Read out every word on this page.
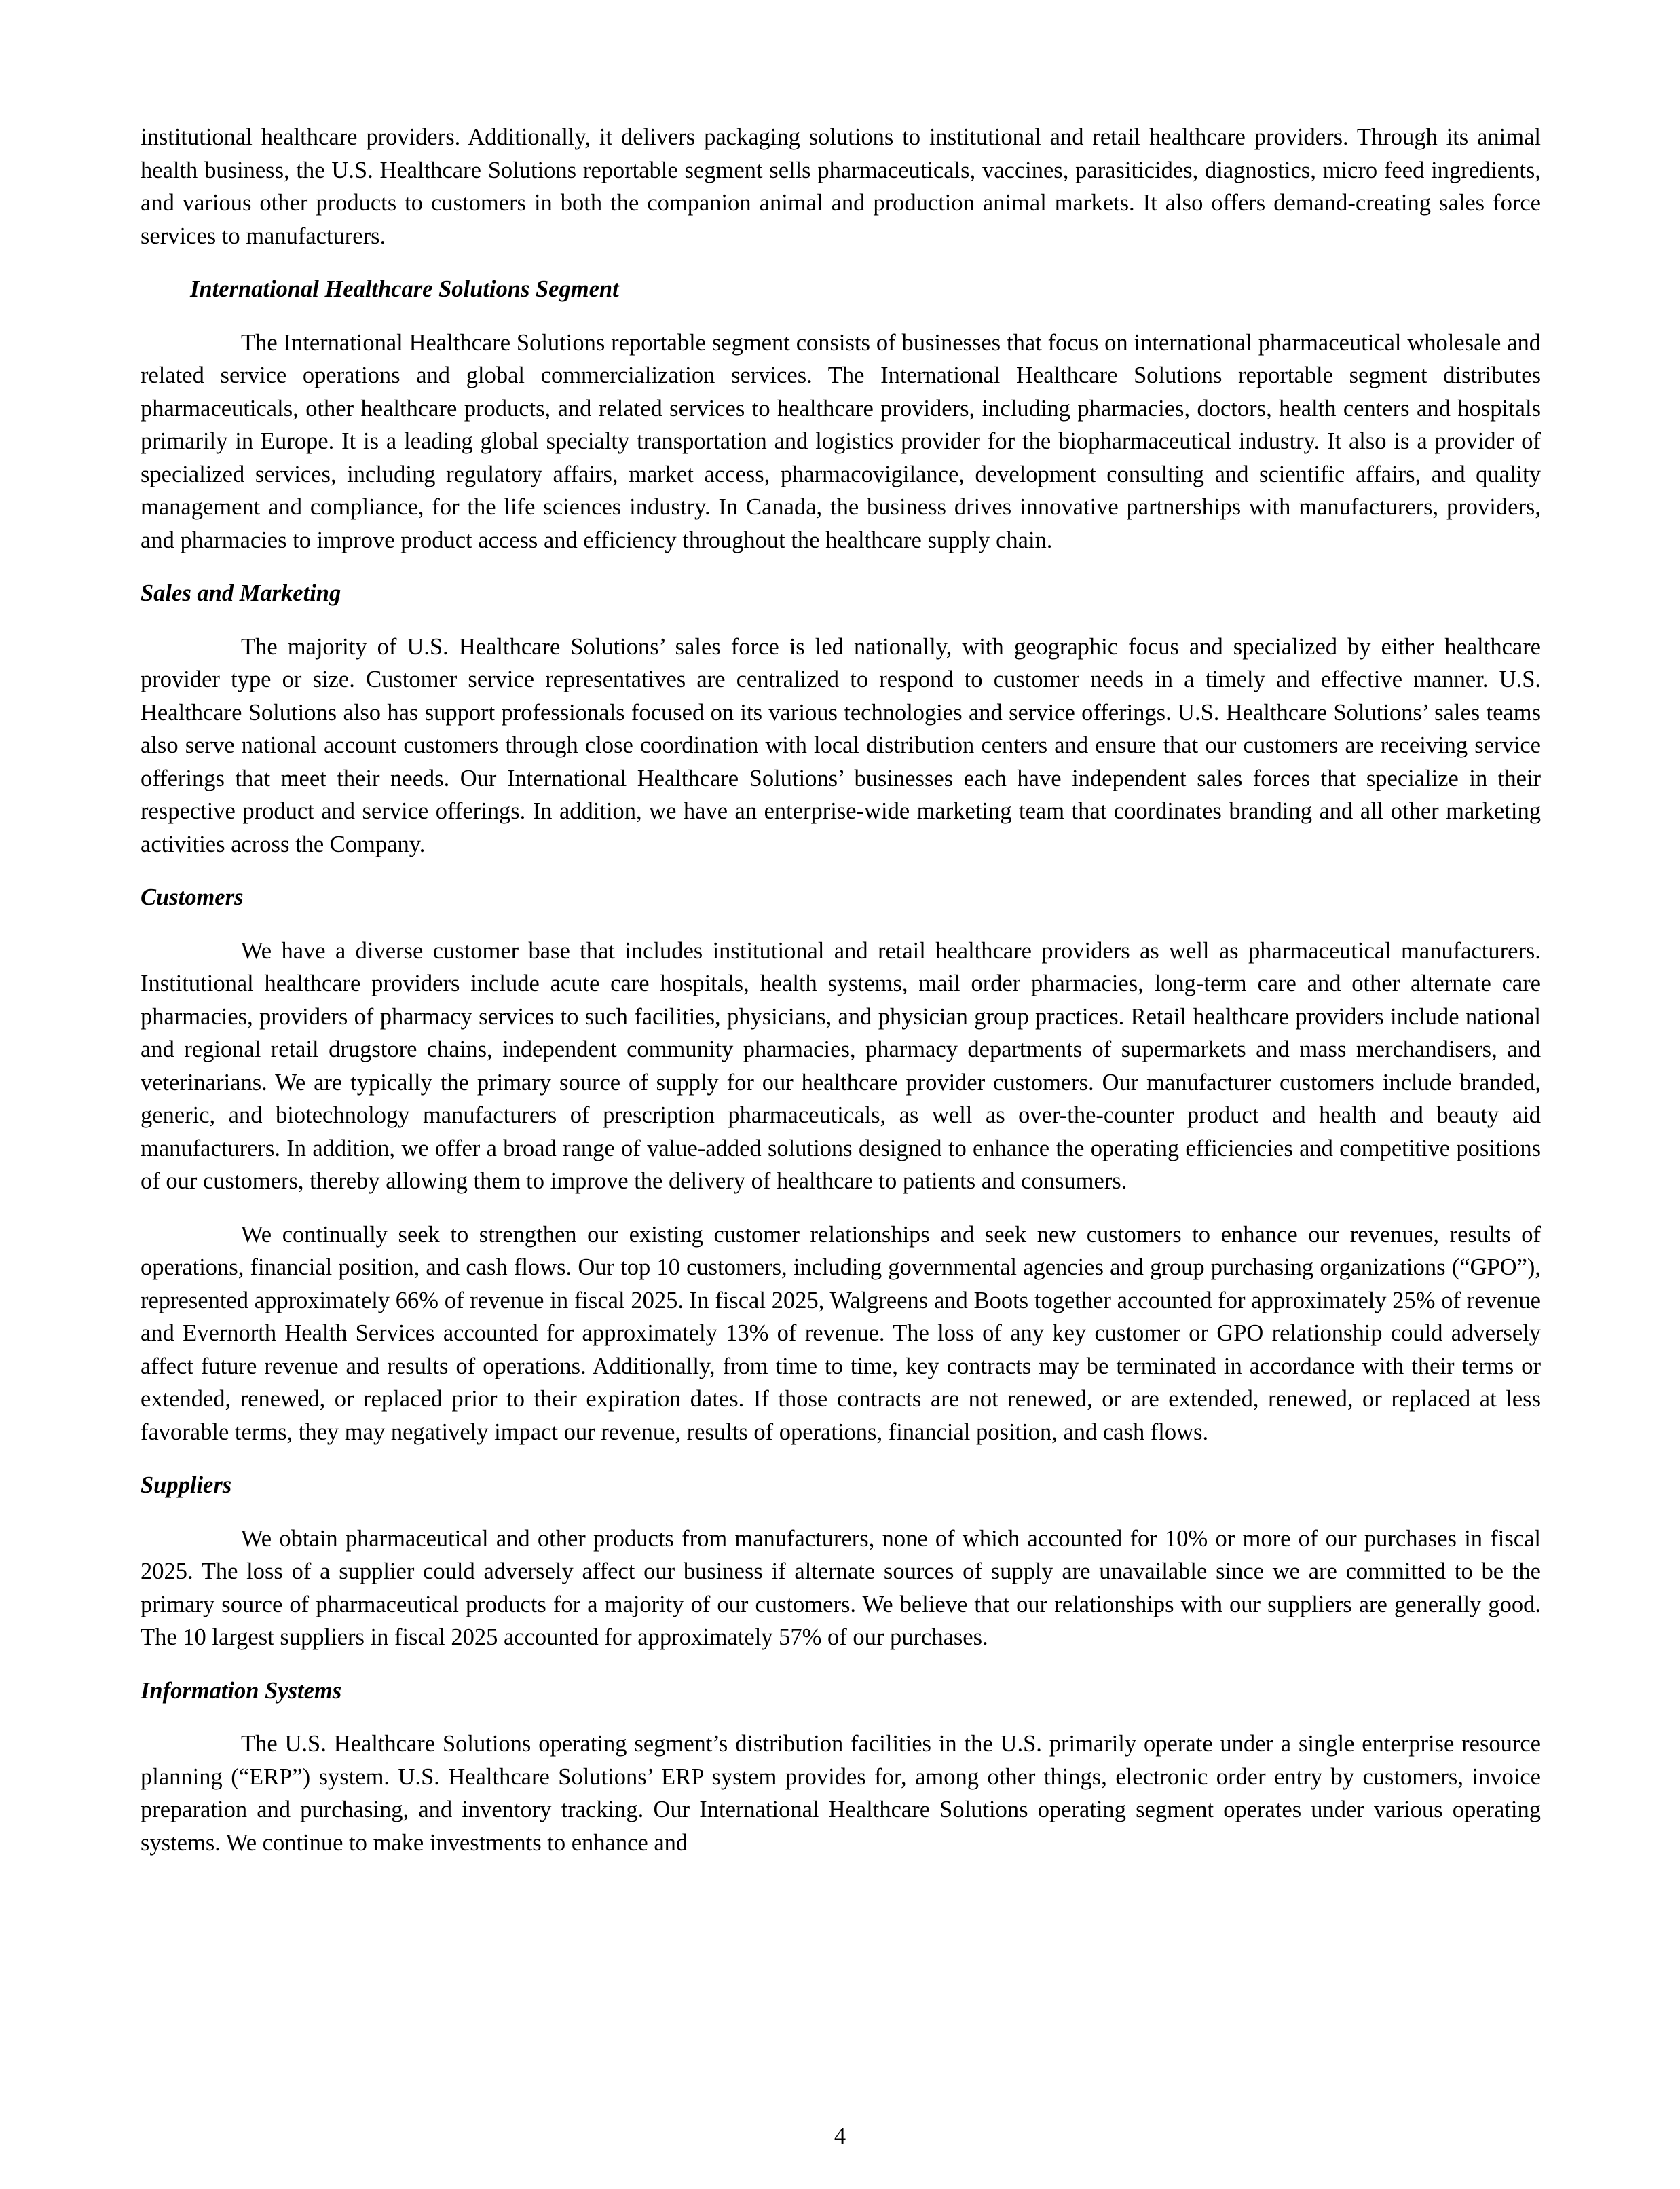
institutional healthcare providers. Additionally, it delivers packaging solutions to institutional and retail healthcare providers. Through its animal health business, the U.S. Healthcare Solutions reportable segment sells pharmaceuticals, vaccines, parasiticides, diagnostics, micro feed ingredients, and various other products to customers in both the companion animal and production animal markets. It also offers demand-creating sales force services to manufacturers.

International Healthcare Solutions Segment

The International Healthcare Solutions reportable segment consists of businesses that focus on international pharmaceutical wholesale and related service operations and global commercialization services. The International Healthcare Solutions reportable segment distributes pharmaceuticals, other healthcare products, and related services to healthcare providers, including pharmacies, doctors, health centers and hospitals primarily in Europe. It is a leading global specialty transportation and logistics provider for the biopharmaceutical industry. It also is a provider of specialized services, including regulatory affairs, market access, pharmacovigilance, development consulting and scientific affairs, and quality management and compliance, for the life sciences industry. In Canada, the business drives innovative partnerships with manufacturers, providers, and pharmacies to improve product access and efficiency throughout the healthcare supply chain.

Sales and Marketing

The majority of U.S. Healthcare Solutions’ sales force is led nationally, with geographic focus and specialized by either healthcare provider type or size. Customer service representatives are centralized to respond to customer needs in a timely and effective manner. U.S. Healthcare Solutions also has support professionals focused on its various technologies and service offerings. U.S. Healthcare Solutions’ sales teams also serve national account customers through close coordination with local distribution centers and ensure that our customers are receiving service offerings that meet their needs. Our International Healthcare Solutions’ businesses each have independent sales forces that specialize in their respective product and service offerings. In addition, we have an enterprise-wide marketing team that coordinates branding and all other marketing activities across the Company.

Customers

We have a diverse customer base that includes institutional and retail healthcare providers as well as pharmaceutical manufacturers. Institutional healthcare providers include acute care hospitals, health systems, mail order pharmacies, long-term care and other alternate care pharmacies, providers of pharmacy services to such facilities, physicians, and physician group practices. Retail healthcare providers include national and regional retail drugstore chains, independent community pharmacies, pharmacy departments of supermarkets and mass merchandisers, and veterinarians. We are typically the primary source of supply for our healthcare provider customers. Our manufacturer customers include branded, generic, and biotechnology manufacturers of prescription pharmaceuticals, as well as over-the-counter product and health and beauty aid manufacturers. In addition, we offer a broad range of value-added solutions designed to enhance the operating efficiencies and competitive positions of our customers, thereby allowing them to improve the delivery of healthcare to patients and consumers.

We continually seek to strengthen our existing customer relationships and seek new customers to enhance our revenues, results of operations, financial position, and cash flows. Our top 10 customers, including governmental agencies and group purchasing organizations (“GPO”), represented approximately 66% of revenue in fiscal 2025. In fiscal 2025, Walgreens and Boots together accounted for approximately 25% of revenue and Evernorth Health Services accounted for approximately 13% of revenue. The loss of any key customer or GPO relationship could adversely affect future revenue and results of operations. Additionally, from time to time, key contracts may be terminated in accordance with their terms or extended, renewed, or replaced prior to their expiration dates. If those contracts are not renewed, or are extended, renewed, or replaced at less favorable terms, they may negatively impact our revenue, results of operations, financial position, and cash flows.

Suppliers

We obtain pharmaceutical and other products from manufacturers, none of which accounted for 10% or more of our purchases in fiscal 2025. The loss of a supplier could adversely affect our business if alternate sources of supply are unavailable since we are committed to be the primary source of pharmaceutical products for a majority of our customers. We believe that our relationships with our suppliers are generally good. The 10 largest suppliers in fiscal 2025 accounted for approximately 57% of our purchases.

Information Systems

The U.S. Healthcare Solutions operating segment’s distribution facilities in the U.S. primarily operate under a single enterprise resource planning (“ERP”) system. U.S. Healthcare Solutions’ ERP system provides for, among other things, electronic order entry by customers, invoice preparation and purchasing, and inventory tracking. Our International Healthcare Solutions operating segment operates under various operating systems. We continue to make investments to enhance and

4
